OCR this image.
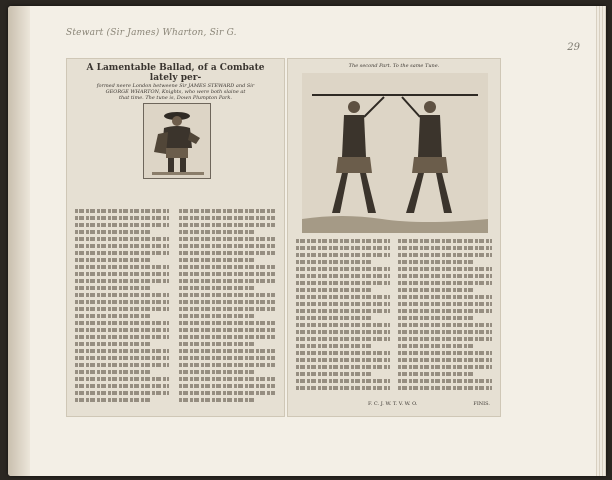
Stewart (Sir James) Wharton, Sir G.
29
A Lamentable Ballad, of a Combate lately per-
formed neere London betweene Sir JAMES STEWARD and Sir
GEORGE WHARTON, Knights, who were both slaine at
that time. The tune is, Down Plumpton Park.
The second Part. To the same Tune.
F. C. J. W. T. V. W. O.	FINIS.
